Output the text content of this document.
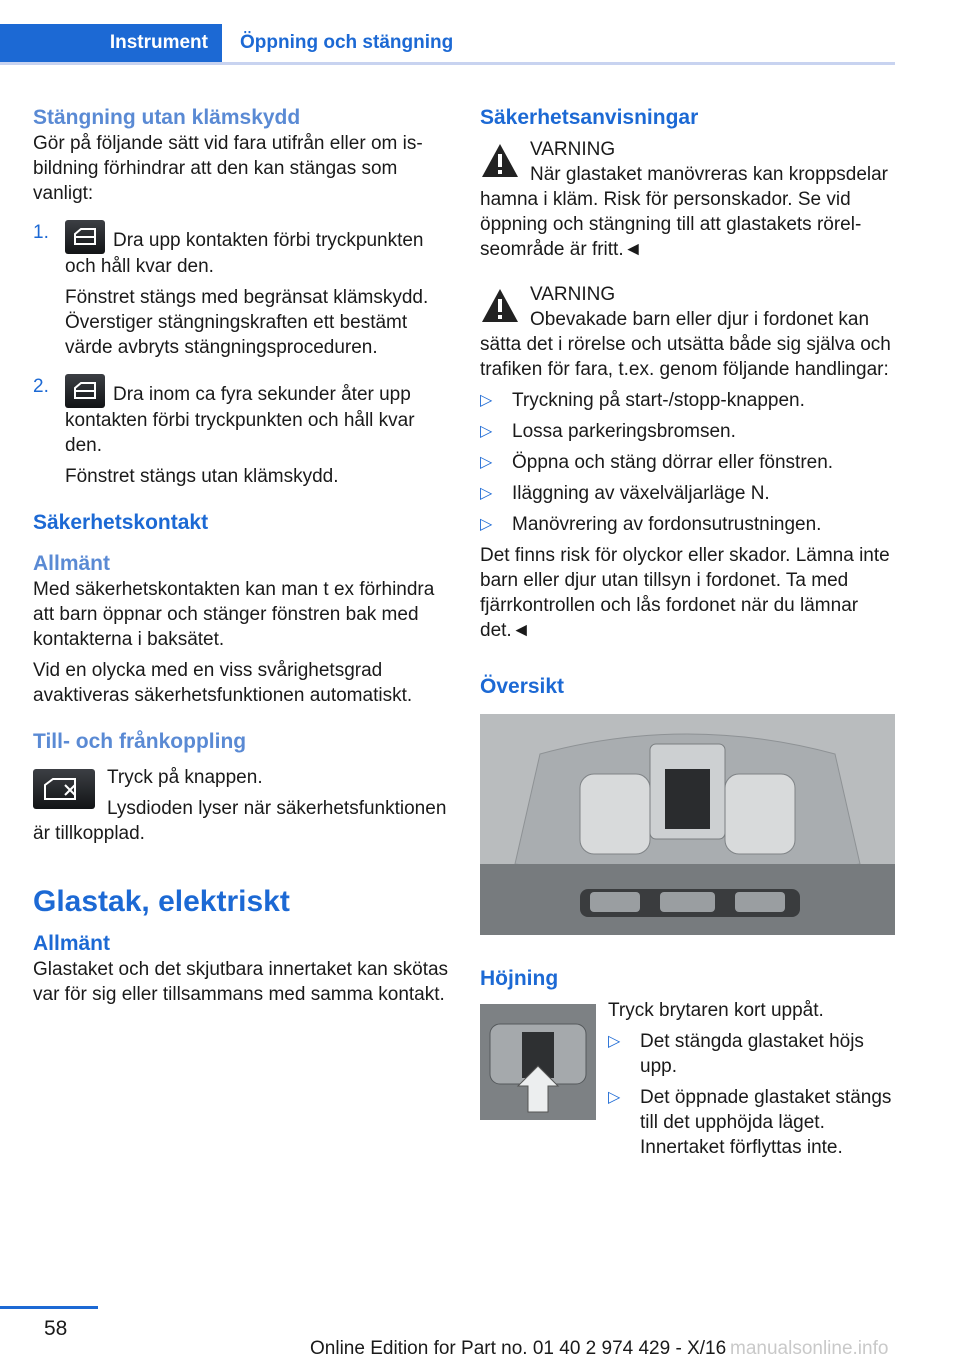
Instrument	Öppning och stängning
Stängning utan klämskydd

Gör på följande sätt vid fara utifrån eller om isbildning förhindrar att den kan stängas som vanligt:

1.	Dra upp kontakten förbi tryckpunkten och håll kvar den.

Fönstret stängs med begränsat klämskydd. Överstiger stängningskraften ett bestämt värde avbryts stängningsproceduren.

2.	Dra inom ca fyra sekunder åter upp kontakten förbi tryckpunkten och håll kvar den.

Fönstret stängs utan klämskydd.

Säkerhetskontakt
Allmänt

Med säkerhetskontakten kan man t ex förhindra att barn öppnar och stänger fönstren bak med kontakterna i baksätet.

Vid en olycka med en viss svårighetsgrad avaktiveras säkerhetsfunktionen automatiskt.

Till- och frånkoppling

Tryck på knappen.

Lysdioden lyser när säkerhetsfunktionen är tillkopplad.

Glastak, elektriskt
Allmänt

Glastaket och det skjutbara innertaket kan skötas var för sig eller tillsammans med samma kontakt.

Säkerhetsanvisningar

VARNING

När glastaket manövreras kan kroppsdelar hamna i kläm. Risk för personskador. Se vid öppning och stängning till att glastakets rörelseområde är fritt.◄

VARNING

Obevakade barn eller djur i fordonet kan sätta det i rörelse och utsätta både sig själva och trafiken för fara, t.ex. genom följande handlingar:

▷ Tryckning på start-/stopp-knappen.
▷ Lossa parkeringsbromsen.
▷ Öppna och stäng dörrar eller fönstren.
▷ Iläggning av växelväljarläge N.
▷ Manövrering av fordonsutrustningen.

Det finns risk för olyckor eller skador. Lämna inte barn eller djur utan tillsyn i fordonet. Ta med fjärrkontrollen och lås fordonet när du lämnar det.◄

Översikt
Höjning

Tryck brytaren kort uppåt.

▷ Det stängda glastaket höjs upp.
▷ Det öppnade glastaket stängs till det upphöjda läget. Innertaket förflyttas inte.
58
Online Edition for Part no. 01 40 2 974 429 - X/16 manualsonline.info
